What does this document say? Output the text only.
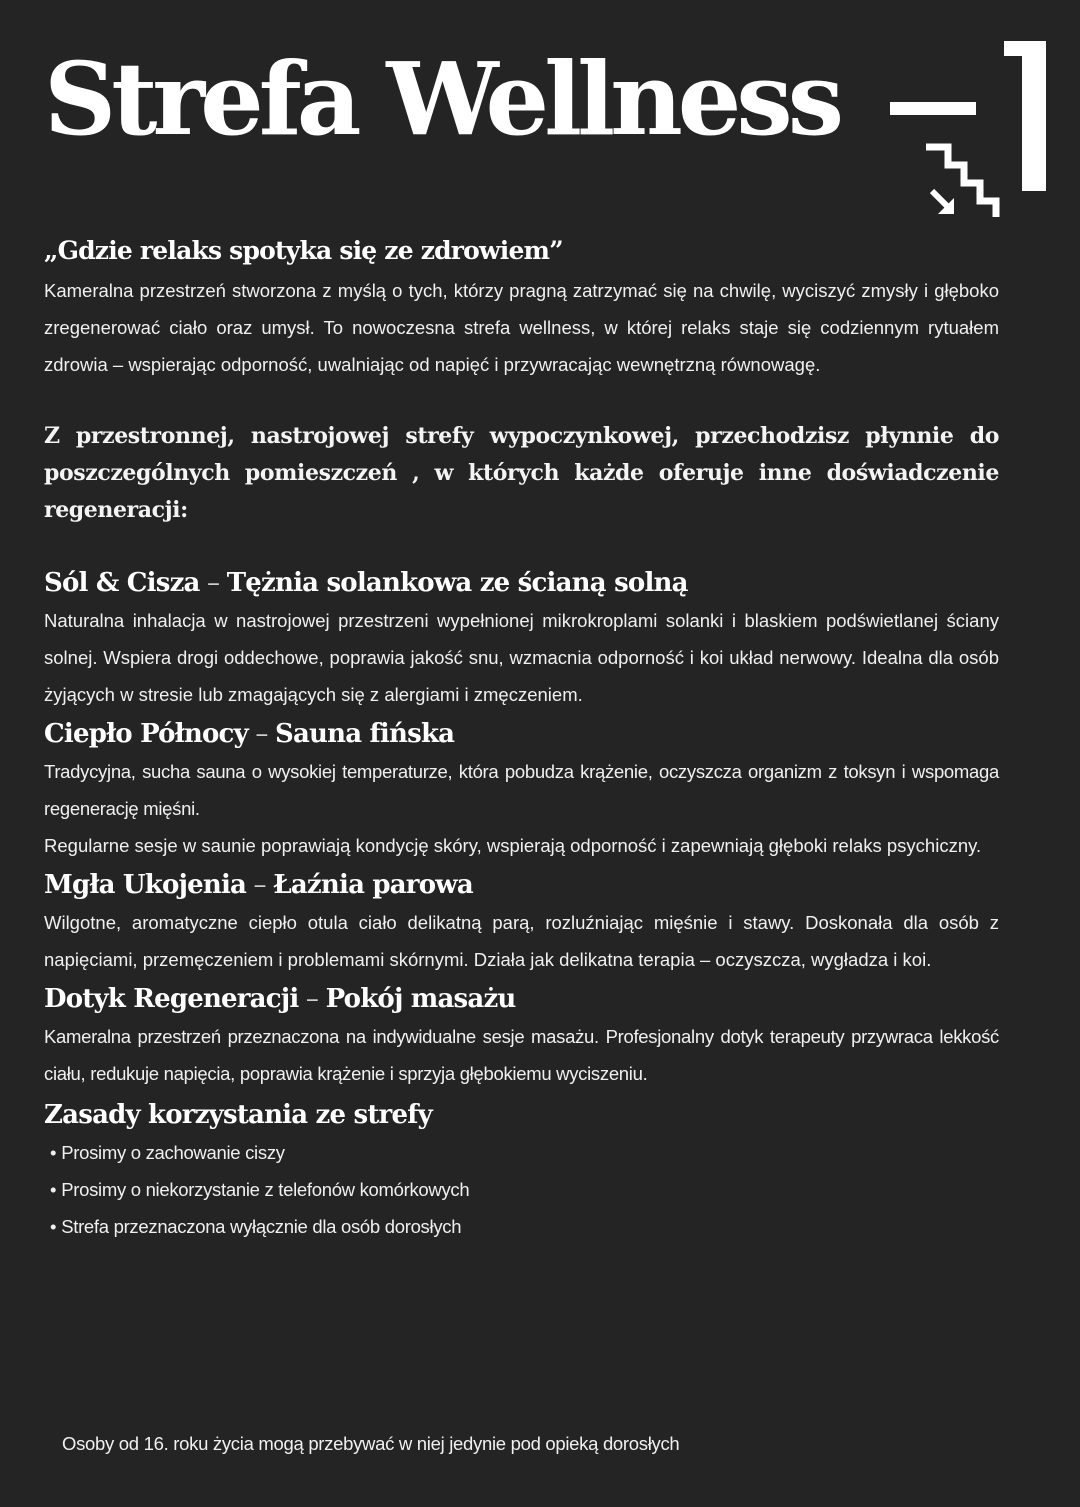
Strefa Wellness
„Gdzie relaks spotyka się ze zdrowiem”

Kameralna przestrzeń stworzona z myślą o tych, którzy pragną zatrzymać się na chwilę, wyciszyć zmysły i głęboko zregenerować ciało oraz umysł. To nowoczesna strefa wellness, w której relaks staje się codziennym rytuałem zdrowia – wspierając odporność, uwalniając od napięć i przywracając wewnętrzną równowagę.

Z przestronnej, nastrojowej strefy wypoczynkowej, przechodzisz płynnie do poszczególnych pomieszczeń , w których każde oferuje inne doświadczenie regeneracji:

Sól & Cisza – Tężnia solankowa ze ścianą solną

Naturalna inhalacja w nastrojowej przestrzeni wypełnionej mikrokroplami solanki i blaskiem podświetlanej ściany solnej. Wspiera drogi oddechowe, poprawia jakość snu, wzmacnia odporność i koi układ nerwowy. Idealna dla osób żyjących w stresie lub zmagających się z alergiami i zmęczeniem.

Ciepło Północy – Sauna fińska

Tradycyjna, sucha sauna o wysokiej temperaturze, która pobudza krążenie, oczyszcza organizm z toksyn i wspomaga regenerację mięśni.

Regularne sesje w saunie poprawiają kondycję skóry, wspierają odporność i zapewniają głęboki relaks psychiczny.

Mgła Ukojenia – Łaźnia parowa

Wilgotne, aromatyczne ciepło otula ciało delikatną parą, rozluźniając mięśnie i stawy. Doskonała dla osób z napięciami, przemęczeniem i problemami skórnymi. Działa jak delikatna terapia – oczyszcza, wygładza i koi.

Dotyk Regeneracji – Pokój masażu

Kameralna przestrzeń przeznaczona na indywidualne sesje masażu. Profesjonalny dotyk terapeuty przywraca lekkość ciału, redukuje napięcia, poprawia krążenie i sprzyja głębokiemu wyciszeniu.

Zasady korzystania ze strefy
• Prosimy o zachowanie ciszy
• Prosimy o niekorzystanie z telefonów komórkowych
• Strefa przeznaczona wyłącznie dla osób dorosłych
Osoby od 16. roku życia mogą przebywać w niej jedynie pod opieką dorosłych
